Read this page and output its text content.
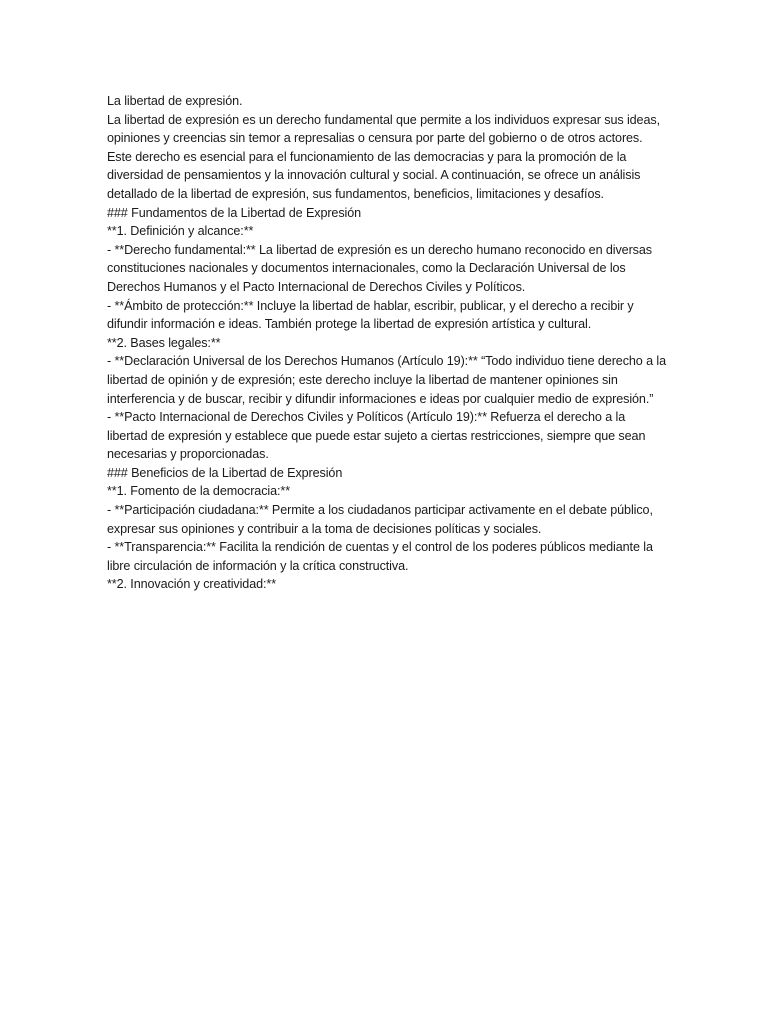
La libertad de expresión.

La libertad de expresión es un derecho fundamental que permite a los individuos expresar sus ideas, opiniones y creencias sin temor a represalias o censura por parte del gobierno o de otros actores. Este derecho es esencial para el funcionamiento de las democracias y para la promoción de la diversidad de pensamientos y la innovación cultural y social. A continuación, se ofrece un análisis detallado de la libertad de expresión, sus fundamentos, beneficios, limitaciones y desafíos.

### Fundamentos de la Libertad de Expresión

**1. Definición y alcance:**

- **Derecho fundamental:** La libertad de expresión es un derecho humano reconocido en diversas constituciones nacionales y documentos internacionales, como la Declaración Universal de los Derechos Humanos y el Pacto Internacional de Derechos Civiles y Políticos.

- **Ámbito de protección:** Incluye la libertad de hablar, escribir, publicar, y el derecho a recibir y difundir información e ideas. También protege la libertad de expresión artística y cultural.

**2. Bases legales:**

- **Declaración Universal de los Derechos Humanos (Artículo 19):** “Todo individuo tiene derecho a la libertad de opinión y de expresión; este derecho incluye la libertad de mantener opiniones sin interferencia y de buscar, recibir y difundir informaciones e ideas por cualquier medio de expresión.”

- **Pacto Internacional de Derechos Civiles y Políticos (Artículo 19):** Refuerza el derecho a la libertad de expresión y establece que puede estar sujeto a ciertas restricciones, siempre que sean necesarias y proporcionadas.

### Beneficios de la Libertad de Expresión

**1. Fomento de la democracia:**

- **Participación ciudadana:** Permite a los ciudadanos participar activamente en el debate público, expresar sus opiniones y contribuir a la toma de decisiones políticas y sociales.

- **Transparencia:** Facilita la rendición de cuentas y el control de los poderes públicos mediante la libre circulación de información y la crítica constructiva.

**2. Innovación y creatividad:**
